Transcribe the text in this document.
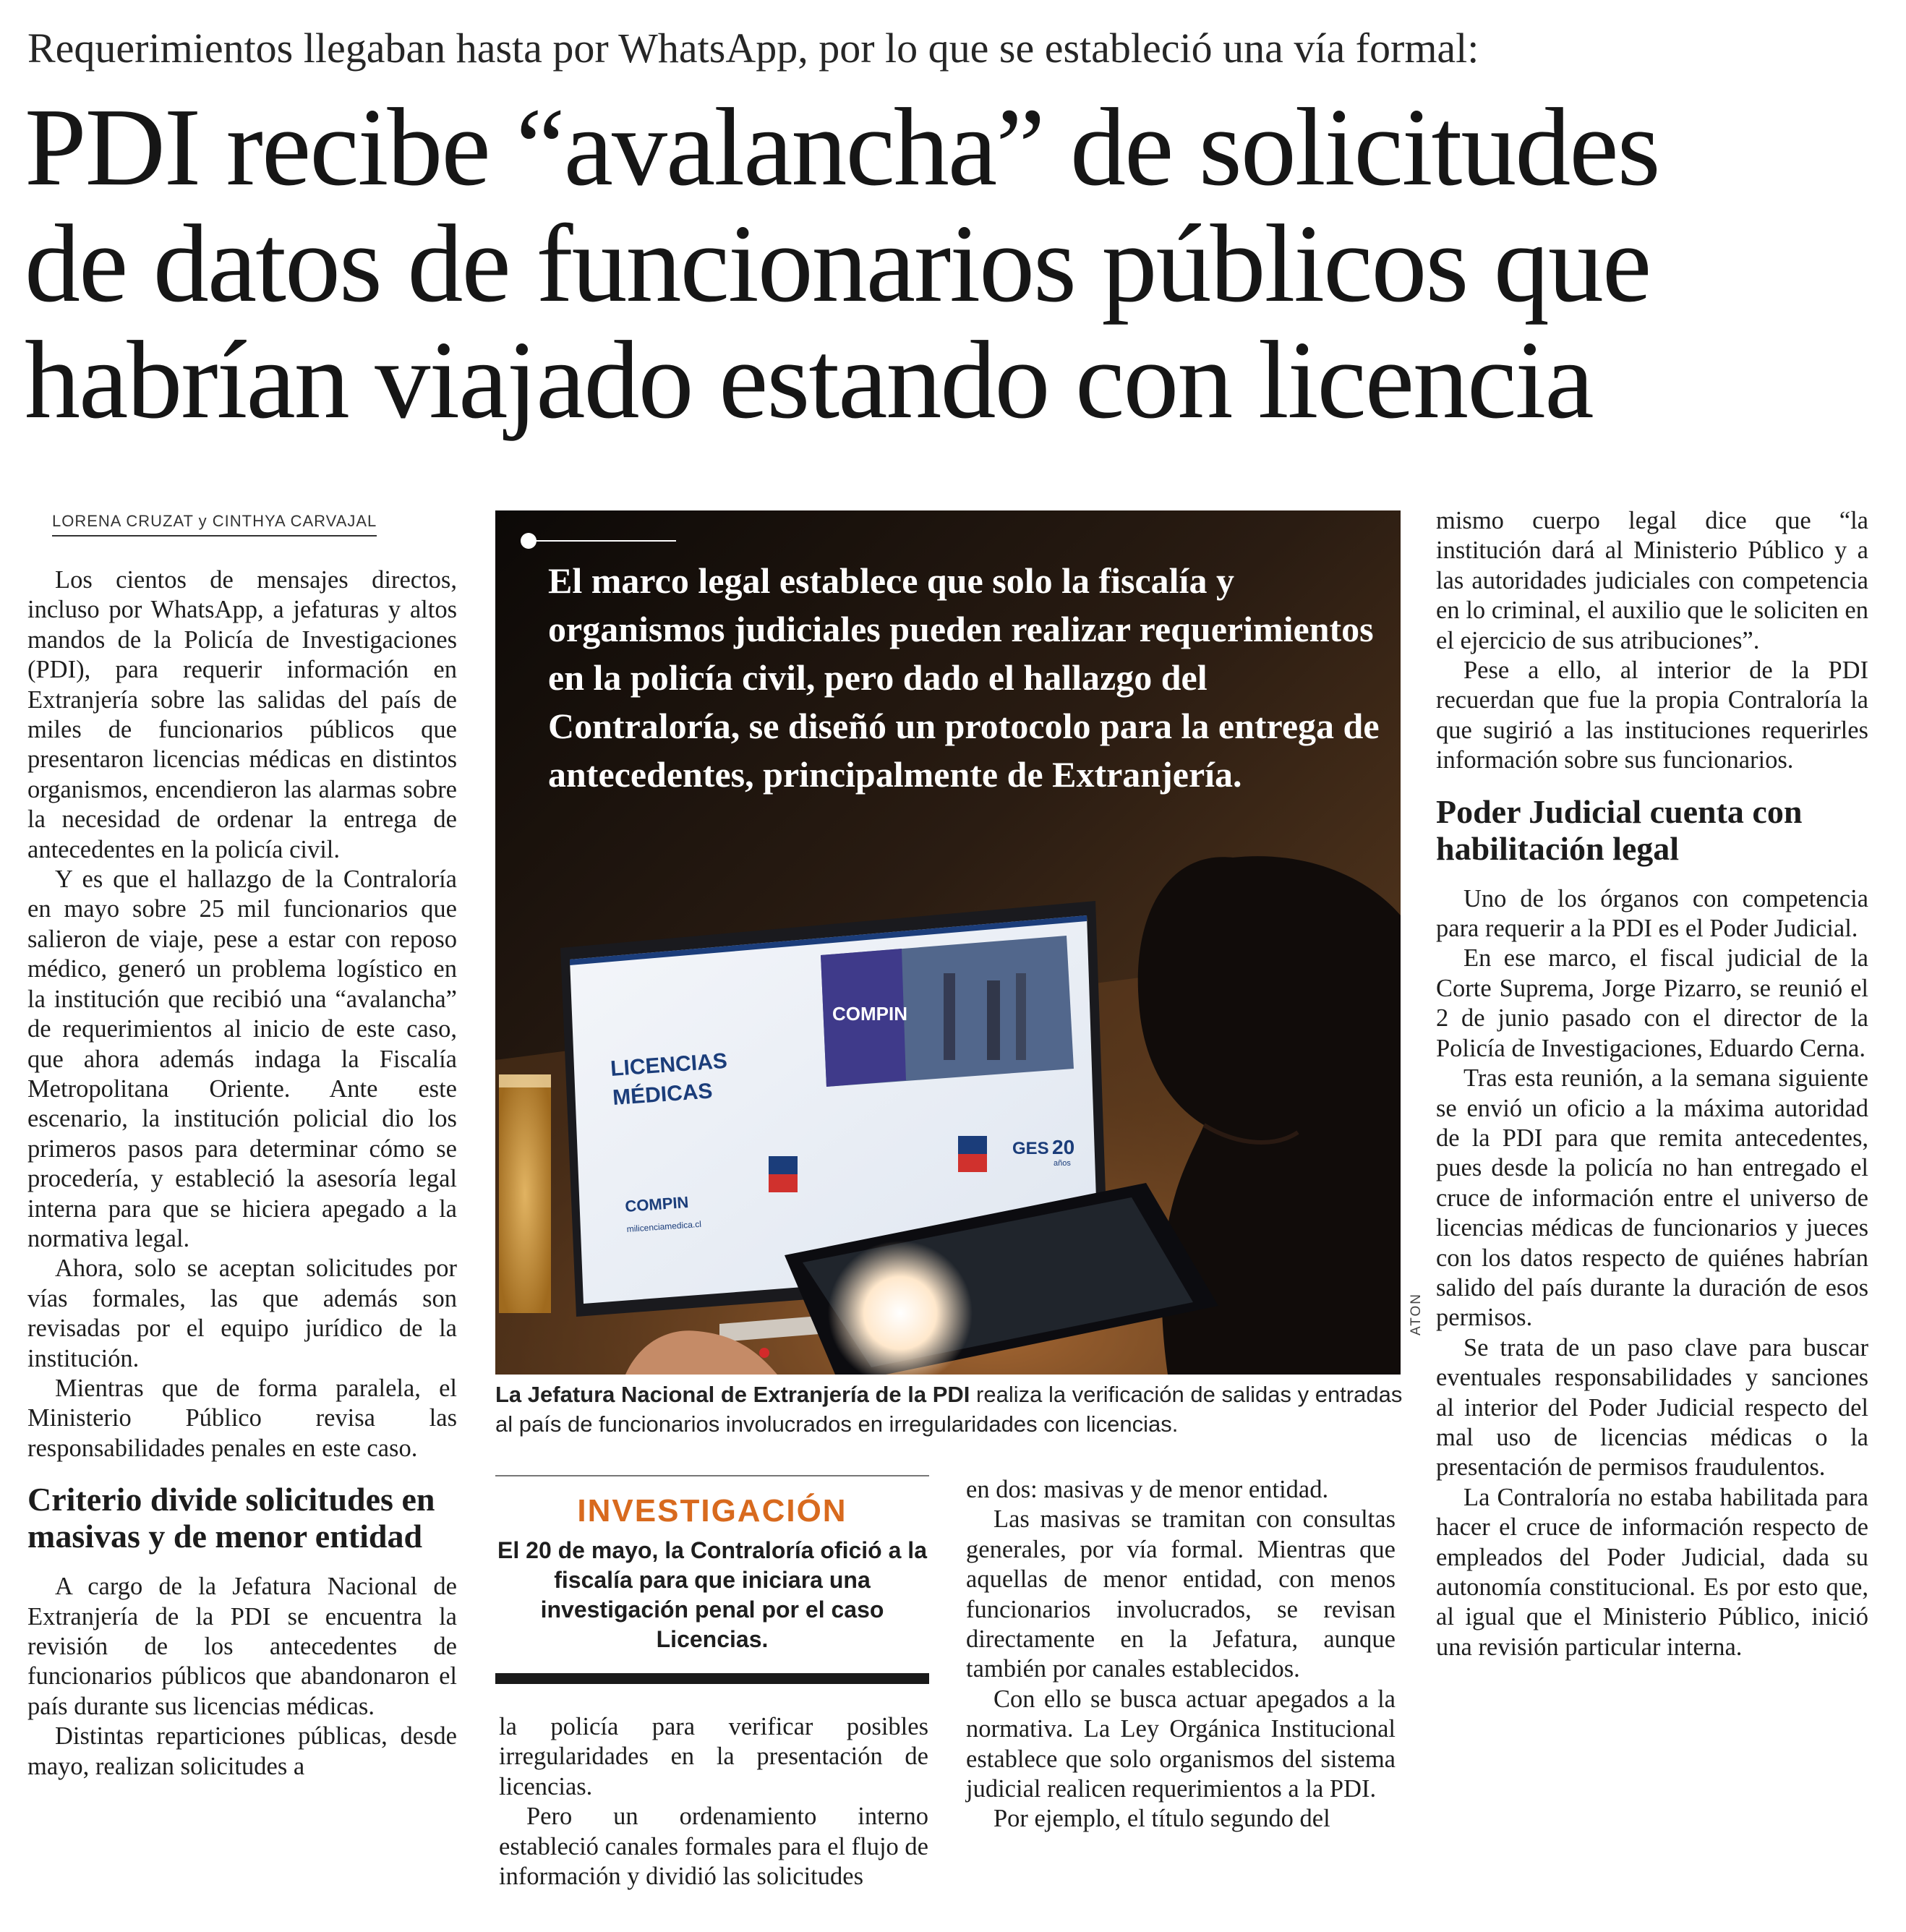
Requerimientos llegaban hasta por WhatsApp, por lo que se estableció una vía formal:
PDI recibe “avalancha” de solicitudes
de datos de funcionarios públicos que
habrían viajado estando con licencia
LORENA CRUZAT y CINTHYA CARVAJAL

Los cientos de mensajes directos, incluso por WhatsApp, a jefaturas y altos mandos de la Policía de Investigaciones (PDI), para requerir información en Extranjería sobre las salidas del país de miles de funcionarios públicos que presentaron licencias médicas en distintos organismos, encendieron las alarmas sobre la necesidad de ordenar la entrega de antecedentes en la policía civil.

Y es que el hallazgo de la Contraloría en mayo sobre 25 mil funcionarios que salieron de viaje, pese a estar con reposo médico, generó un problema logístico en la institución que recibió una “avalancha” de requerimientos al inicio de este caso, que ahora además indaga la Fiscalía Metropolitana Oriente. Ante este escenario, la institución policial dio los primeros pasos para determinar cómo se procedería, y estableció la asesoría legal interna para que se hiciera apegado a la normativa legal.

Ahora, solo se aceptan solicitudes por vías formales, las que además son revisadas por el equipo jurídico de la institución.

Mientras que de forma paralela, el Ministerio Público revisa las responsabilidades penales en este caso.

Criterio divide solicitudes en masivas y de menor entidad

A cargo de la Jefatura Nacional de Extranjería de la PDI se encuentra la revisión de los antecedentes de funcionarios públicos que abandonaron el país durante sus licencias médicas.

Distintas reparticiones públicas, desde mayo, realizan solicitudes a

COMPIN
LICENCIAS
MÉDICAS
COMPIN
milicenciamedica.cl
GES 20
años

El marco legal establece que solo la fiscalía y organismos judiciales pueden realizar requerimientos en la policía civil, pero dado el hallazgo del Contraloría, se diseñó un protocolo para la entrega de antecedentes, principalmente de Extranjería.

ATON
La Jefatura Nacional de Extranjería de la PDI realiza la verificación de salidas y entradas al país de funcionarios involucrados en irregularidades con licencias.
INVESTIGACIÓN
El 20 de mayo, la Contraloría ofició a la fiscalía para que iniciara una investigación penal por el caso Licencias.

la policía para verificar posibles irregularidades en la presentación de licencias.

Pero un ordenamiento interno estableció canales formales para el flujo de información y dividió las solicitudes

en dos: masivas y de menor entidad.

Las masivas se tramitan con consultas generales, por vía formal. Mientras que aquellas de menor entidad, con menos funcionarios involucrados, se revisan directamente en la Jefatura, aunque también por canales establecidos.

Con ello se busca actuar apegados a la normativa. La Ley Orgánica Institucional establece que solo organismos del sistema judicial realicen requerimientos a la PDI.

Por ejemplo, el título segundo del

mismo cuerpo legal dice que “la institución dará al Ministerio Público y a las autoridades judiciales con competencia en lo criminal, el auxilio que le soliciten en el ejercicio de sus atribuciones”.

Pese a ello, al interior de la PDI recuerdan que fue la propia Contraloría la que sugirió a las instituciones requerirles información sobre sus funcionarios.

Poder Judicial cuenta con habilitación legal

Uno de los órganos con competencia para requerir a la PDI es el Poder Judicial.

En ese marco, el fiscal judicial de la Corte Suprema, Jorge Pizarro, se reunió el 2 de junio pasado con el director de la Policía de Investigaciones, Eduardo Cerna.

Tras esta reunión, a la semana siguiente se envió un oficio a la máxima autoridad de la PDI para que remita antecedentes, pues desde la policía no han entregado el cruce de información entre el universo de licencias médicas de funcionarios y jueces con los datos respecto de quiénes habrían salido del país durante la duración de esos permisos.

Se trata de un paso clave para buscar eventuales responsabilidades y sanciones al interior del Poder Judicial respecto del mal uso de licencias médicas o la presentación de permisos fraudulentos.

La Contraloría no estaba habilitada para hacer el cruce de información respecto de empleados del Poder Judicial, dada su autonomía constitucional. Es por esto que, al igual que el Ministerio Público, inició una revisión particular interna.
